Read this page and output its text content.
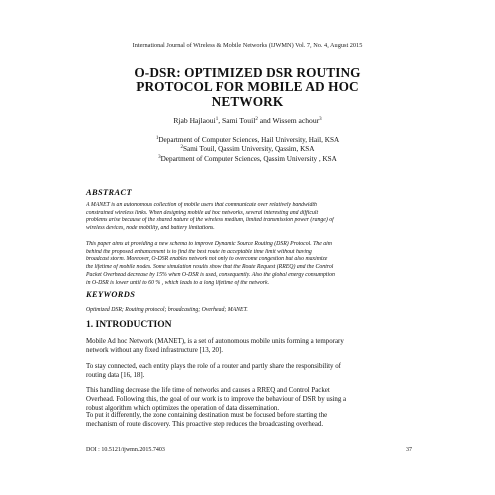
International Journal of Wireless & Mobile Networks (IJWMN) Vol. 7, No. 4, August 2015
O-DSR: OPTIMIZED DSR ROUTING
PROTOCOL FOR MOBILE AD HOC
NETWORK
Rjab Hajlaoui$^1$, Sami Touil$^2$ and Wissem achour$^3$
$^1$Department of Computer Sciences, Hail University, Hail, KSA
$^2$Sami Touil, Qassim University, Qassim, KSA
$^3$Department of Computer Sciences, Qassim University , KSA
ABSTRACT
A MANET is an autonomous collection of mobile users that communicate over relatively bandwidth
constrained wireless links. When designing mobile ad hoc networks, several interesting and difficult
problems arise because of the shared nature of the wireless medium, limited transmission power (range) of
wireless devices, node mobility, and battery limitations.
This paper aims at providing a new schema to improve Dynamic Source Routing (DSR) Protocol. The aim
behind the proposed enhancement is to find the best route in acceptable time limit without having
broadcast storm. Moreover, O-DSR enables network not only to overcome congestion but also maximize
the lifetime of mobile nodes. Some simulation results show that the Route Request (RREQ) and the Control
Packet Overhead decrease by 15% when O-DSR is used, consequently. Also the global energy consumption
in O-DSR is lower until to 60 % , which leads to a long lifetime of the network.
KEYWORDS
Optimized DSR; Routing protocol; broadcasting; Overhead; MANET.
1. INTRODUCTION
Mobile Ad hoc Network (MANET), is a set of autonomous mobile units forming a temporary
network without any fixed infrastructure [13, 20].
To stay connected, each entity plays the role of a router and partly share the responsibility of
routing data [16, 18].
This handling decrease the life time of networks and causes a RREQ and Control Packet
Overhead. Following this, the goal of our work is to improve the behaviour of DSR by using a
robust algorithm which optimizes the operation of data dissemination.
To put it differently, the zone containing destination must be focused before starting the
mechanism of route discovery. This proactive step reduces the broadcasting overhead.
DOI : 10.5121/ijwmn.2015.7403	37
